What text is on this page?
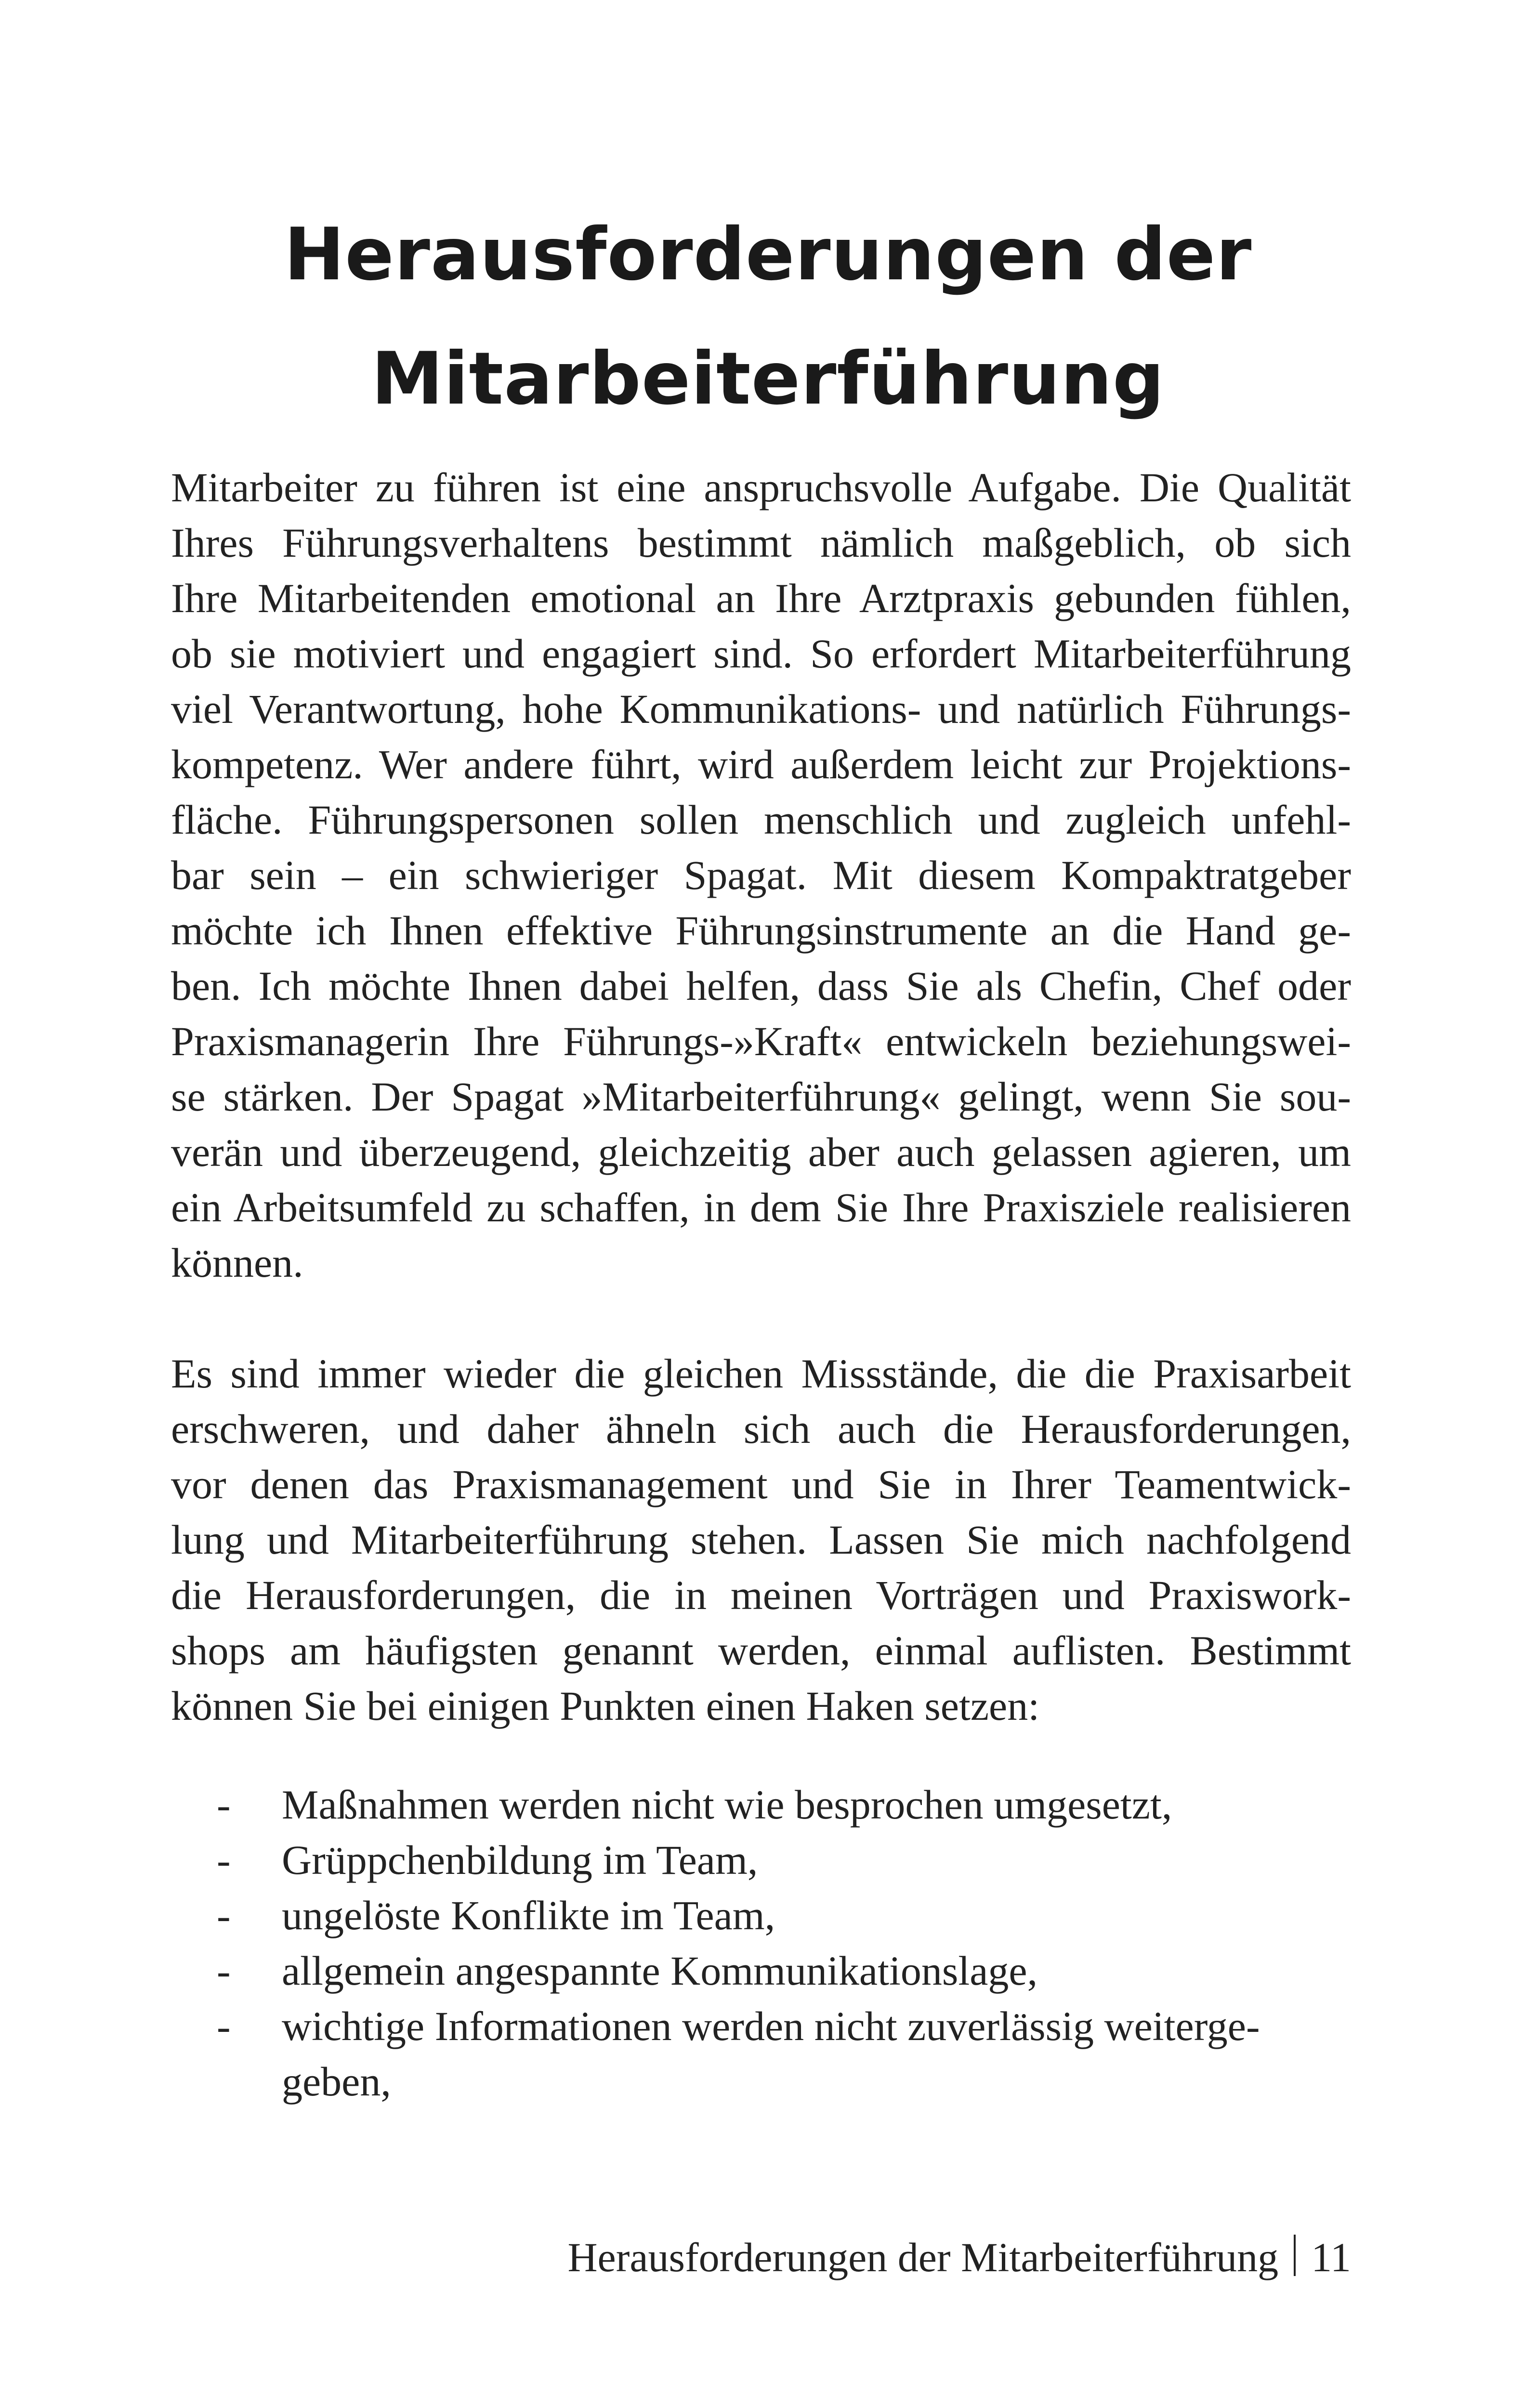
Herausforderungen der
Mitarbeiterführung

Mitarbeiter zu führen ist eine anspruchsvolle Aufgabe. Die Qualität
Ihres Führungsverhaltens bestimmt nämlich maßgeblich, ob sich
Ihre Mitarbeitenden emotional an Ihre Arztpraxis gebunden fühlen,
ob sie motiviert und engagiert sind. So erfordert Mitarbeiterführung
viel Verantwortung, hohe Kommunikations- und natürlich Führungs-
kompetenz. Wer andere führt, wird außerdem leicht zur Projektions-
fläche. Führungspersonen sollen menschlich und zugleich unfehl-
bar sein – ein schwieriger Spagat. Mit diesem Kompaktratgeber
möchte ich Ihnen effektive Führungsinstrumente an die Hand ge-
ben. Ich möchte Ihnen dabei helfen, dass Sie als Chefin, Chef oder
Praxismanagerin Ihre Führungs-»Kraft« entwickeln beziehungswei-
se stärken. Der Spagat »Mitarbeiterführung« gelingt, wenn Sie sou-
verän und überzeugend, gleichzeitig aber auch gelassen agieren, um
ein Arbeitsumfeld zu schaffen, in dem Sie Ihre Praxisziele realisieren
können.

Es sind immer wieder die gleichen Missstände, die die Praxisarbeit
erschweren, und daher ähneln sich auch die Herausforderungen,
vor denen das Praxismanagement und Sie in Ihrer Teamentwick-
lung und Mitarbeiterführung stehen. Lassen Sie mich nachfolgend
die Herausforderungen, die in meinen Vorträgen und Praxiswork-
shops am häufigsten genannt werden, einmal auflisten. Bestimmt
können Sie bei einigen Punkten einen Haken setzen:

- Maßnahmen werden nicht wie besprochen umgesetzt,
- Grüppchenbildung im Team,
- ungelöste Konflikte im Team,
- allgemein angespannte Kommunikationslage,
- wichtige Informationen werden nicht zuverlässig weiterge-
geben,
Herausforderungen der Mitarbeiterführung 11
